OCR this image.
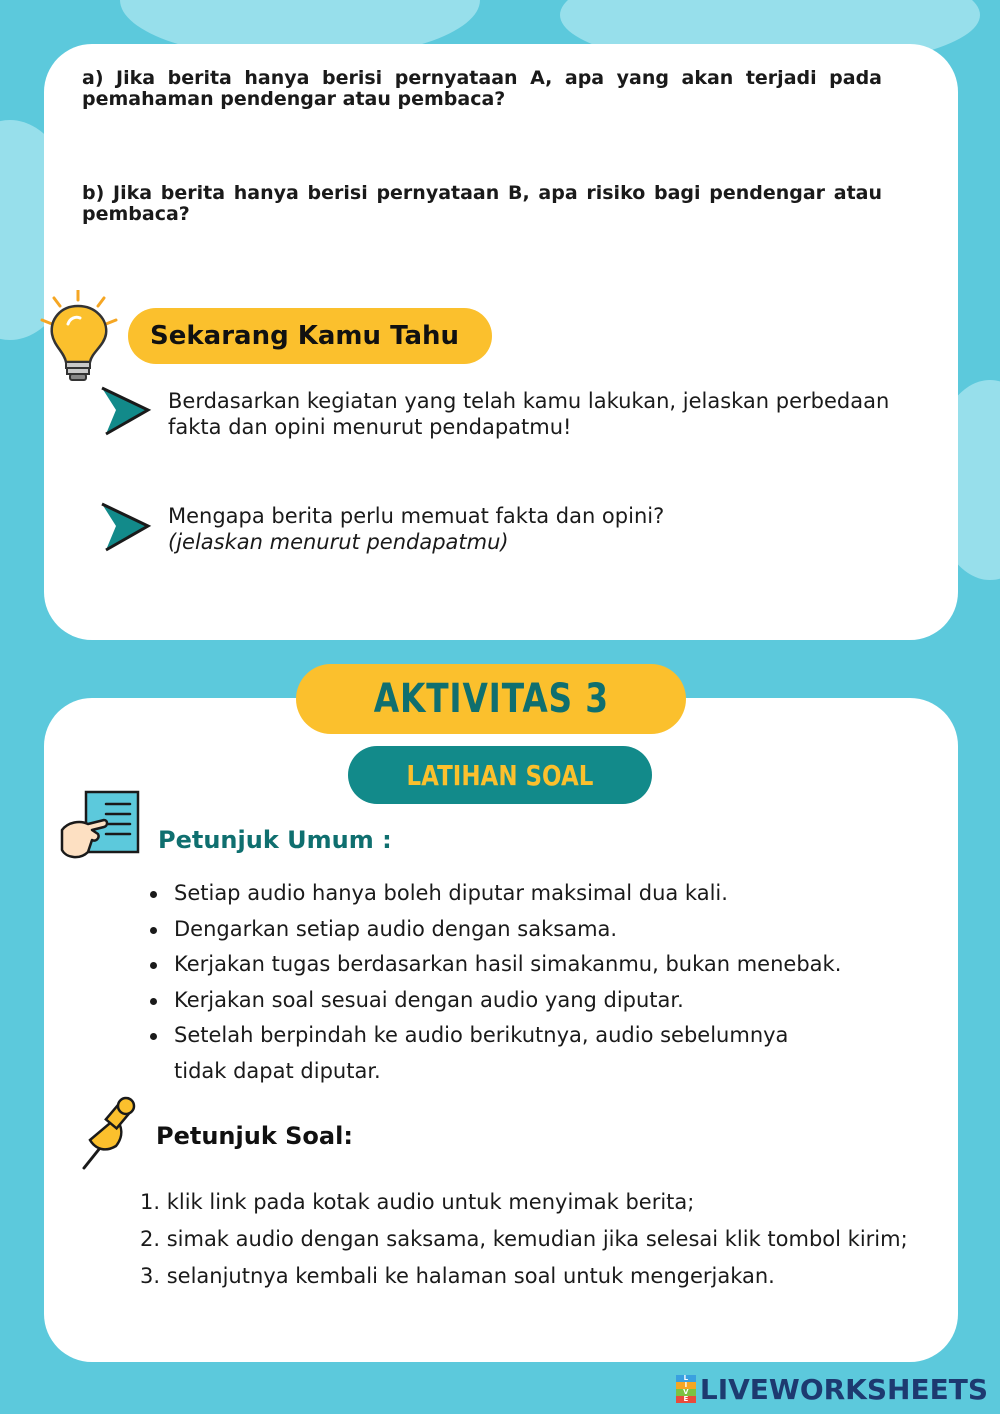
a) Jika berita hanya berisi pernyataan A, apa yang akan terjadi pada pemahaman pendengar atau pembaca?
b) Jika berita hanya berisi pernyataan B, apa risiko bagi pendengar atau pembaca?
Sekarang Kamu Tahu
Berdasarkan kegiatan yang telah kamu lakukan, jelaskan perbedaan
fakta dan opini menurut pendapatmu!
Mengapa berita perlu memuat fakta dan opini?
(jelaskan menurut pendapatmu)
AKTIVITAS 3
LATIHAN SOAL
Petunjuk Umum :
Setiap audio hanya boleh diputar maksimal dua kali.
Dengarkan setiap audio dengan saksama.
Kerjakan tugas berdasarkan hasil simakanmu, bukan menebak.
Kerjakan soal sesuai dengan audio yang diputar.
Setelah berpindah ke audio berikutnya, audio sebelumnya tidak dapat diputar.
Petunjuk Soal:
1. klik link pada kotak audio untuk menyimak berita;
2. simak audio dengan saksama, kemudian jika selesai klik tombol kirim;
3. selanjutnya kembali ke halaman soal untuk mengerjakan.
L
I
V
E LIVEWORKSHEETS
